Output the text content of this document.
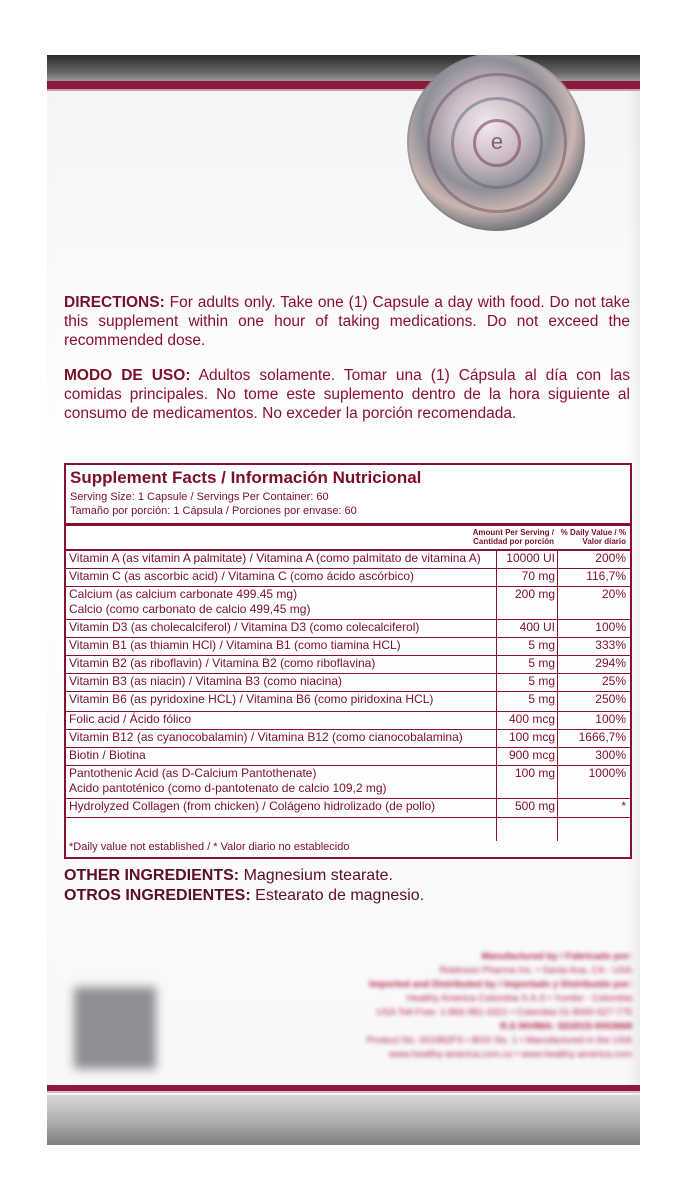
e
DIRECTIONS: For adults only. Take one (1) Capsule a day with food. Do not take this supplement within one hour of taking medications. Do not exceed the recommended dose.
MODO DE USO: Adultos solamente. Tomar una (1) Cápsula al día con las comidas principales. No tome este suplemento dentro de la hora siguiente al consumo de medicamentos. No exceder la porción recomendada.
Supplement Facts / Información Nutricional
Serving Size: 1 Capsule / Servings Per Container: 60
Tamaño por porción: 1 Cápsula / Porciones por envase: 60
Amount Per Serving / Cantidad por porción
% Daily Value / % Valor diario
Vitamin A (as vitamin A palmitate) / Vitamina A (como palmitato de vitamina A)	10000 UI	200%
Vitamin C (as ascorbic acid) / Vitamina C (como ácido ascórbico)	70 mg	116,7%
Calcium (as calcium carbonate 499.45 mg)
Calcio (como carbonato de calcio 499,45 mg)
200 mg	20%
Vitamin D3 (as cholecalciferol) / Vitamina D3 (como colecalciferol)	400 UI	100%
Vitamin B1 (as thiamin HCl) / Vitamina B1 (como tiamina HCL)	5 mg	333%
Vitamin B2 (as riboflavin) / Vitamina B2 (como riboflavina)	5 mg	294%
Vitamin B3 (as niacin) / Vitamina B3 (como niacina)	5 mg	25%
Vitamin B6 (as pyridoxine HCL) / Vitamina B6 (como piridoxina HCL)	5 mg	250%
Folic acid / Ácido fólico	400 mcg	100%
Vitamin B12 (as cyanocobalamin) / Vitamina B12 (como cianocobalamina)	100 mcg	1666,7%
Biotin / Biotina	900 mcg	300%
Pantothenic Acid (as D-Calcium Pantothenate)
Acido pantoténico (como d-pantotenato de calcio 109,2 mg)
100 mg	1000%
Hydrolyzed Collagen (from chicken) / Colágeno hidrolizado (de pollo)	500 mg	*
*Daily value not established / * Valor diario no establecido
OTHER INGREDIENTS: Magnesium stearate.
OTROS INGREDIENTES: Estearato de magnesio.
Manufactured by / Fabricado por:
Robinson Pharma Inc. • Santa Ana, CA - USA
Imported and Distributed by / Importado y Distribuido por:
Healthy America Colombia S.A.S • Yumbo - Colombia
USA Toll-Free: 1-866-981-4321 • Colombia 01-8000-527-775
R.S INVIMA: SD2015-0003668
Product No. 001982FS • BOX No. 1 • Manufactured in the USA
www.healthy-america.com.co • www.healthy-america.com
